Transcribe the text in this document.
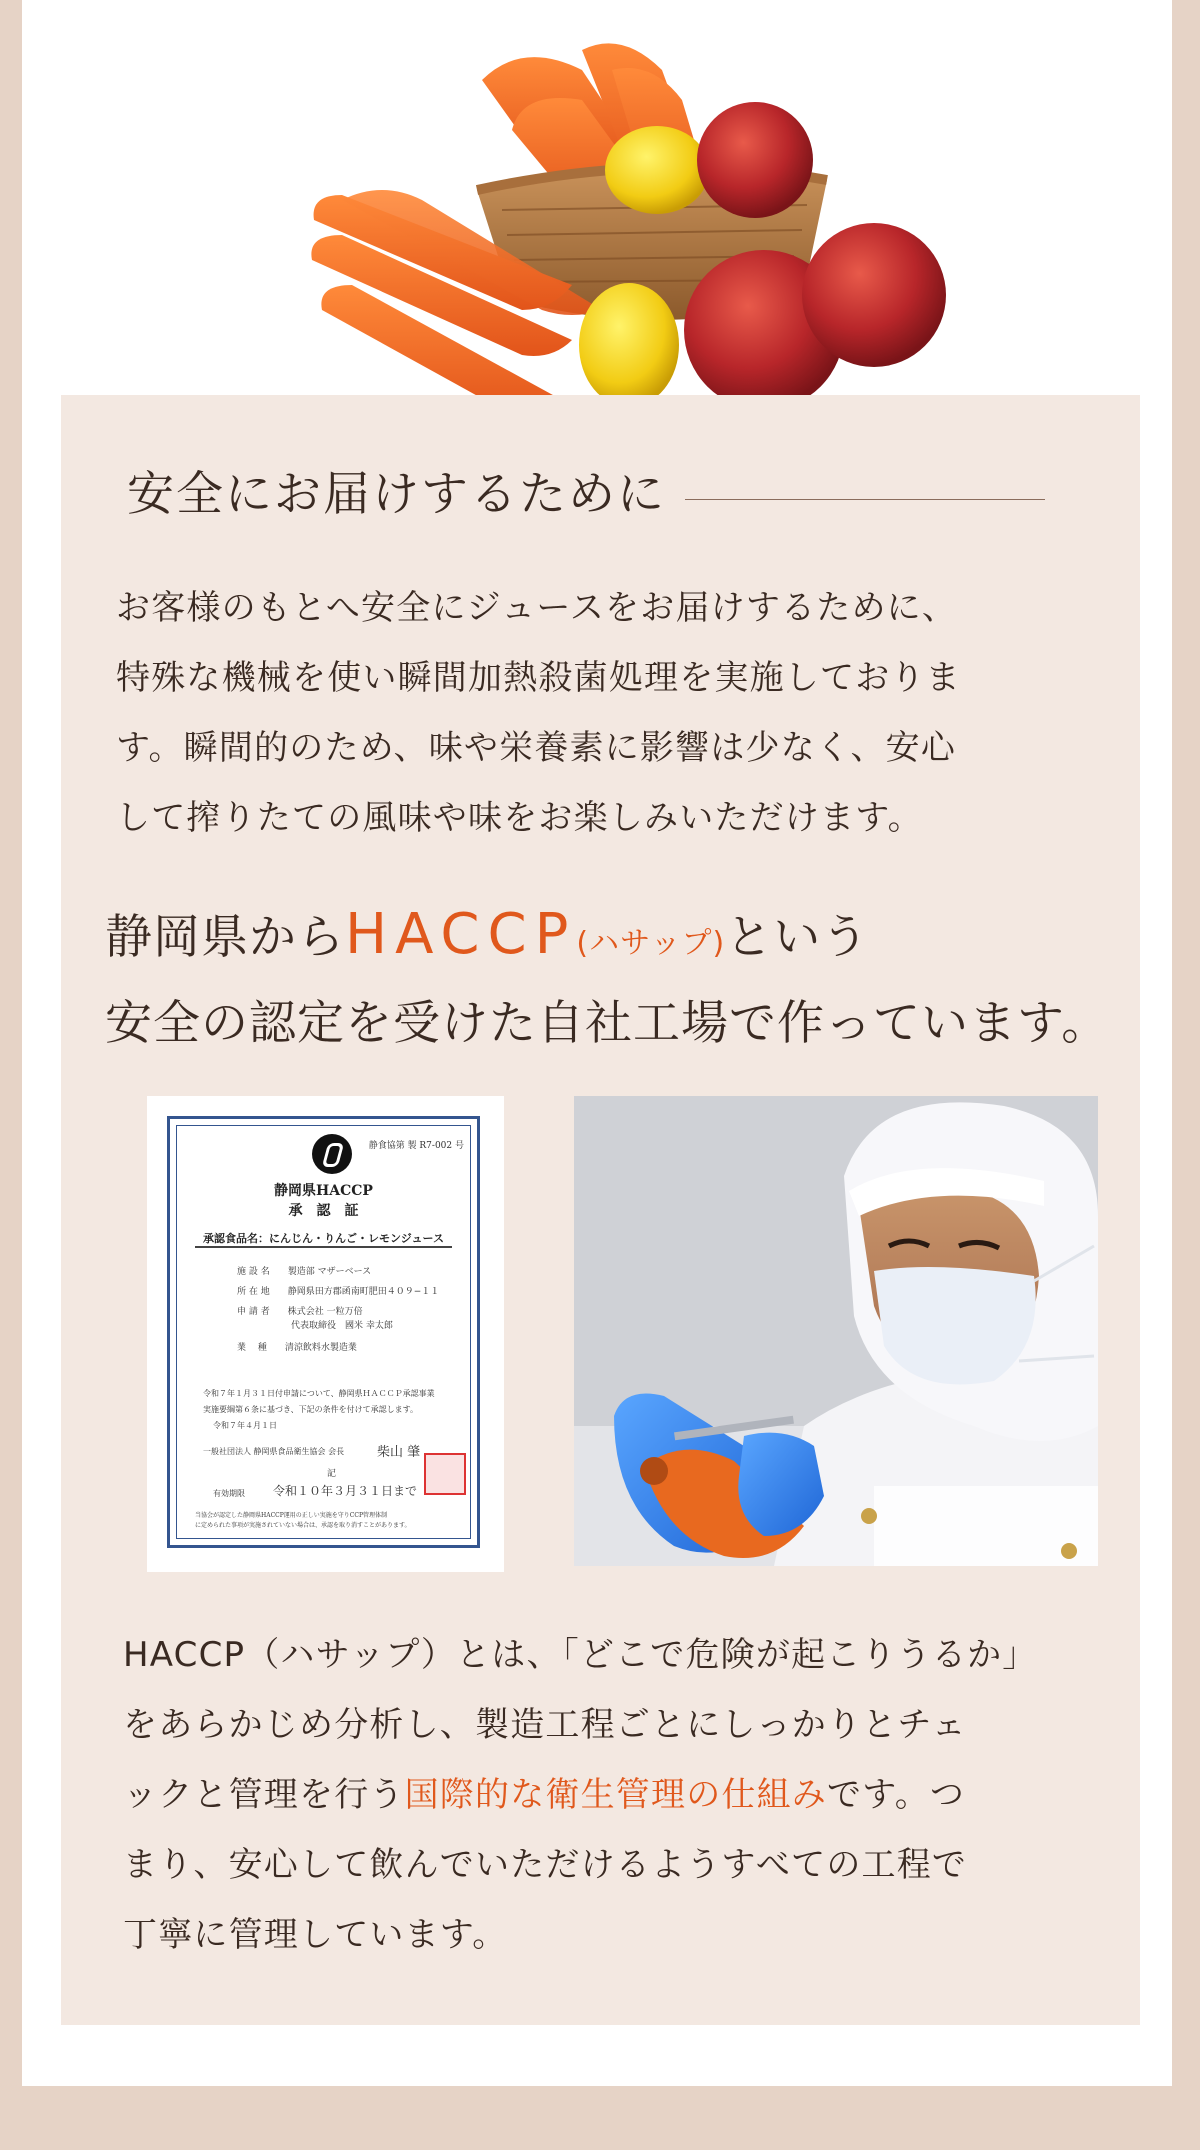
安全にお届けするために

お客様のもとへ安全にジュースをお届けするために、

特殊な機械を使い瞬間加熱殺菌処理を実施しておりま

す。瞬間的のため、味や栄養素に影響は少なく、安心

して搾りたての風味や味をお楽しみいただけます。

静岡県からHACCP(ハサップ)という
安全の認定を受けた自社工場で作っています。
静食協第 製 R7-002 号
静岡県HACCP
承　認　証
承認食品名：にんじん・りんご・レモンジュース
施 設 名　　製造部 マザーベース
所 在 地　　静岡県田方郡函南町肥田４０９−１１
申 請 者　　株式会社 一粒万倍
　　　　　　代表取締役　國米 幸太郎
業　 種　　清涼飲料水製造業
令和７年１月３１日付申請について、静岡県ＨＡＣＣＰ承認事業
実施要綱第６条に基づき、下記の条件を付けて承認します。
令和７年４月１日
一般社団法人 静岡県食品衛生協会 会長	柴山 肇
記
有効期限 令和１０年３月３１日まで
当協会が認定した静岡県HACCP運用の正しい実施を守りCCP管理体制
に定められた事項が実施されていない場合は、承認を取り消すことがあります。

HACCP（ハサップ）とは、「どこで危険が起こりうるか」

をあらかじめ分析し、製造工程ごとにしっかりとチェ

ックと管理を行う国際的な衛生管理の仕組みです。つ

まり、安心して飲んでいただけるようすべての工程で

丁寧に管理しています。
